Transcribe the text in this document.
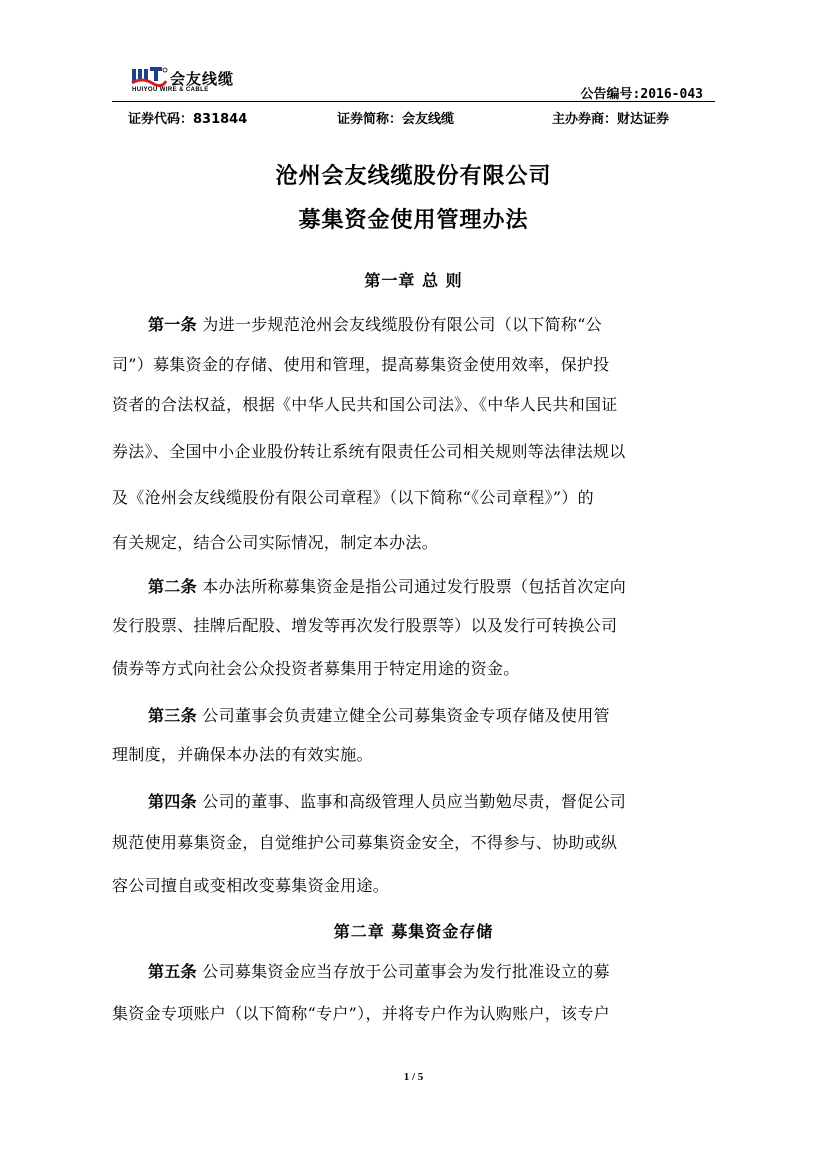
会友线缆
HUIYOU WIRE & CABLE	公告编号:2016-043
证券代码：831844	证券简称：会友线缆	主办券商：财达证券
沧州会友线缆股份有限公司
募集资金使用管理办法
第一章 总 则
第一条 为进一步规范沧州会友线缆股份有限公司（以下简称“公
司”）募集资金的存储、使用和管理，提高募集资金使用效率，保护投
资者的合法权益，根据《中华人民共和国公司法》、《中华人民共和国证
券法》、全国中小企业股份转让系统有限责任公司相关规则等法律法规以
及《沧州会友线缆股份有限公司章程》（以下简称“《公司章程》”）的
有关规定，结合公司实际情况，制定本办法。
第二条 本办法所称募集资金是指公司通过发行股票（包括首次定向
发行股票、挂牌后配股、增发等再次发行股票等）以及发行可转换公司
债券等方式向社会公众投资者募集用于特定用途的资金。
第三条 公司董事会负责建立健全公司募集资金专项存储及使用管
理制度，并确保本办法的有效实施。
第四条 公司的董事、监事和高级管理人员应当勤勉尽责，督促公司
规范使用募集资金，自觉维护公司募集资金安全，不得参与、协助或纵
容公司擅自或变相改变募集资金用途。
第二章 募集资金存储
第五条 公司募集资金应当存放于公司董事会为发行批准设立的募
集资金专项账户（以下简称“专户”），并将专户作为认购账户，该专户
1 / 5
